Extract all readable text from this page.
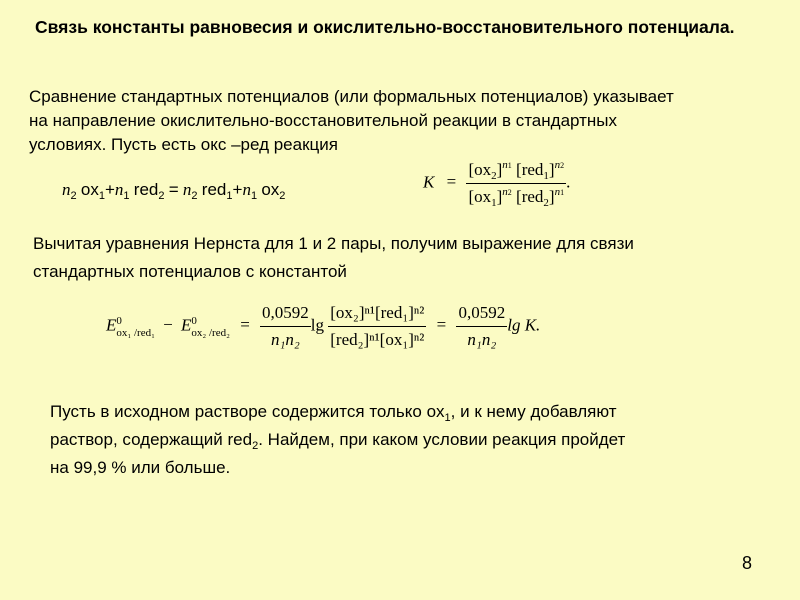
Связь константы равновесия и окислительно-восстановительного потенциала.
Сравнение стандартных потенциалов (или формальных потенциалов) указывает
на направление окислительно-восстановительной реакции в стандартных
условиях. Пусть есть окс –ред реакция
$n_2$ $ox_1+n_1$ $red_2 = n_2$ $red_1+n_1$ $ox_2$
$K = \frac{[ox_2]^{n1} [red_1]^{n2}}{[ox_1]^{n2} [red_2]^{n1}}$ .
Вычитая уравнения Нернста для 1 и 2 пары, получим выражение для связи
стандартных потенциалов с константой
E 0
ox₁ /red₁ − E 0
ox₂ $/red_2 = \frac{0,0592}{\text{n₁n₂}}$ $\lg \frac{\text{[ox₂]ⁿ¹[red₁]ⁿ²}}{\text{[red₂]ⁿ¹[ox₁]ⁿ²}} = \frac{0,0592}{\text{n₁n₂}}$ lg K.
Пусть в исходном растворе содержится только $ox_1$, и к нему добавляют
раствор, содержащий red$_2$. Найдем, при каком условии реакция пройдет
на 99,9 % или больше.
8
